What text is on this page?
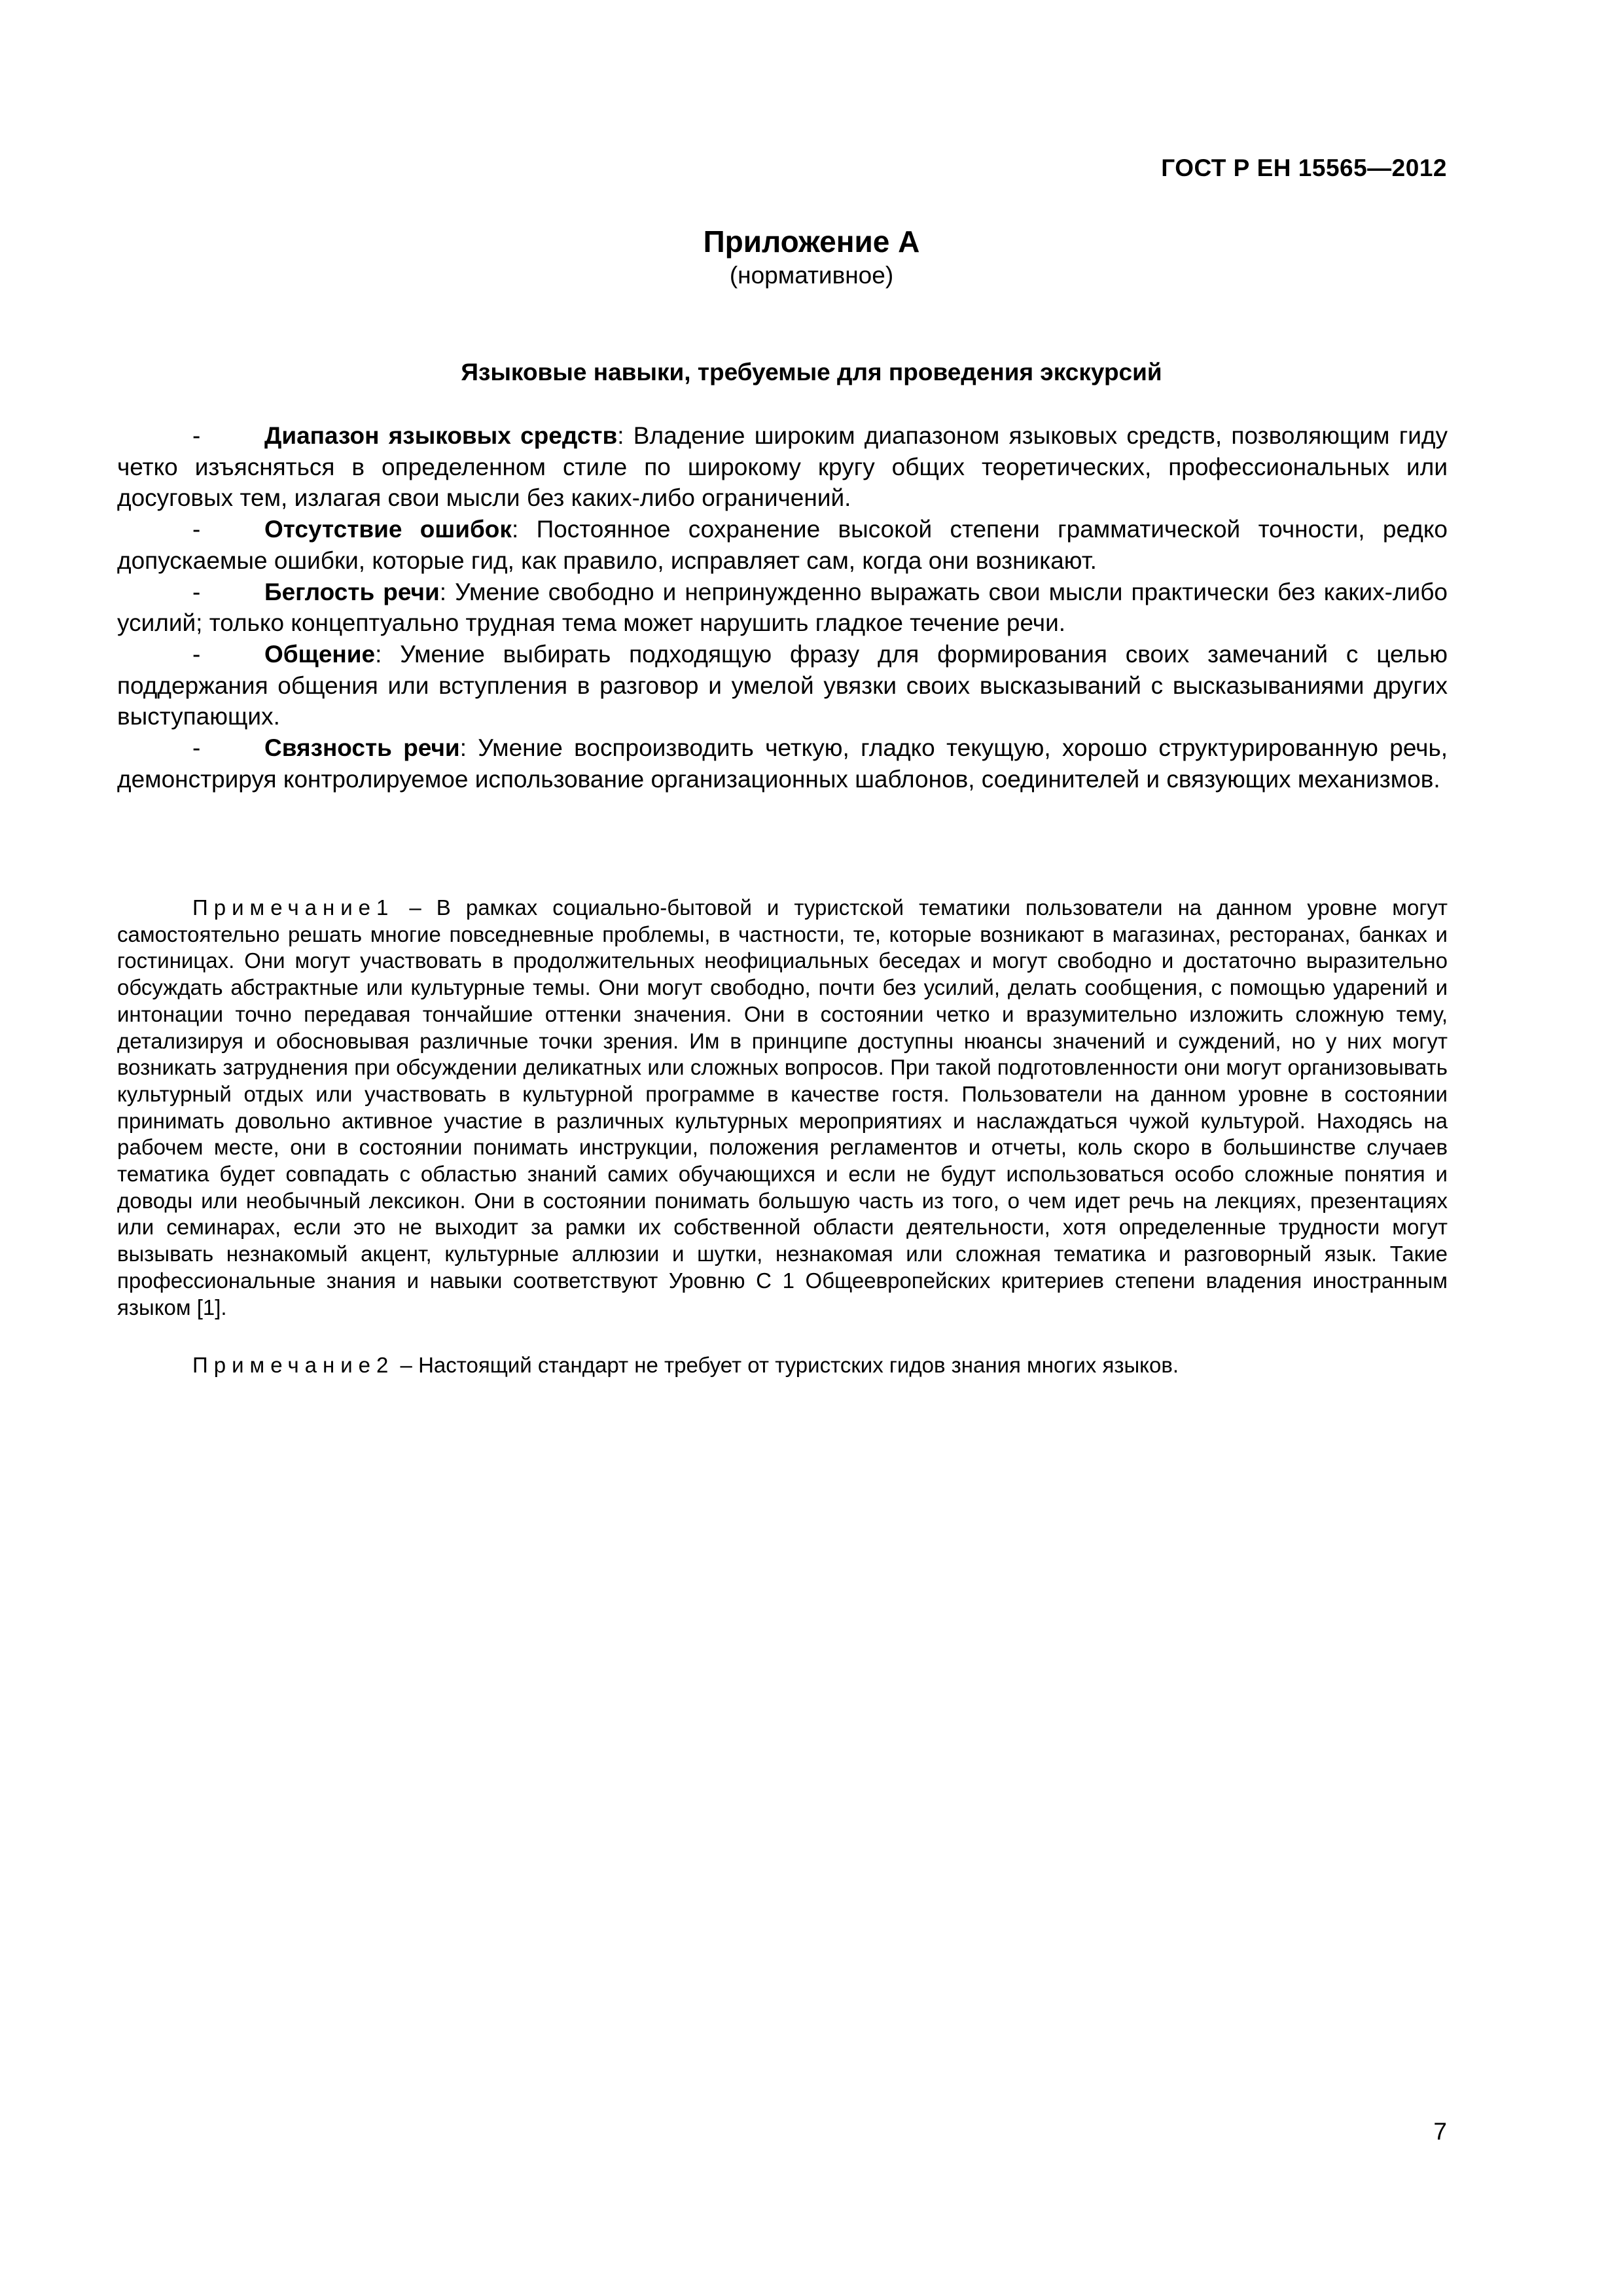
ГОСТ Р ЕН 15565—2012
Приложение А
(нормативное)
Языковые навыки, требуемые для проведения экскурсий

-	Диапазон языковых средств: Владение широким диапазоном языковых средств, позволяющим гиду четко изъясняться в определенном стиле по широкому кругу общих теоретических, профессиональных или досуговых тем, излагая свои мысли без каких-либо ограничений.

-	Отсутствие ошибок: Постоянное сохранение высокой степени грамматической точности, редко допускаемые ошибки, которые гид, как правило, исправляет сам, когда они возникают.

-	Беглость речи: Умение свободно и непринужденно выражать свои мысли практически без каких-либо усилий; только концептуально трудная тема может нарушить гладкое течение речи.

-	Общение: Умение выбирать подходящую фразу для формирования своих замечаний с целью поддержания общения или вступления в разговор и умелой увязки своих высказываний с высказываниями других выступающих.

-	Связность речи: Умение воспроизводить четкую, гладко текущую, хорошо структурированную речь, демонстрируя контролируемое использование организационных шаблонов, соединителей и связующих механизмов.

Примечание1 – В рамках социально-бытовой и туристской тематики пользователи на данном уровне могут самостоятельно решать многие повседневные проблемы, в частности, те, которые возникают в магазинах, ресторанах, банках и гостиницах. Они могут участвовать в продолжительных неофициальных беседах и могут свободно и достаточно выразительно обсуждать абстрактные или культурные темы. Они могут свободно, почти без усилий, делать сообщения, с помощью ударений и интонации точно передавая тончайшие оттенки значения. Они в состоянии четко и вразумительно изложить сложную тему, детализируя и обосновывая различные точки зрения. Им в принципе доступны нюансы значений и суждений, но у них могут возникать затруднения при обсуждении деликатных или сложных вопросов. При такой подготовленности они могут организовывать культурный отдых или участвовать в культурной программе в качестве гостя. Пользователи на данном уровне в состоянии принимать довольно активное участие в различных культурных мероприятиях и наслаждаться чужой культурой. Находясь на рабочем месте, они в состоянии понимать инструкции, положения регламентов и отчеты, коль скоро в большинстве случаев тематика будет совпадать с областью знаний самих обучающихся и если не будут использоваться особо сложные понятия и доводы или необычный лексикон. Они в состоянии понимать большую часть из того, о чем идет речь на лекциях, презентациях или семинарах, если это не выходит за рамки их собственной области деятельности, хотя определенные трудности могут вызывать незнакомый акцент, культурные аллюзии и шутки, незнакомая или сложная тематика и разговорный язык. Такие профессиональные знания и навыки соответствуют Уровню С 1 Общеевропейских критериев степени владения иностранным языком [1].

Примечание2 – Настоящий стандарт не требует от туристских гидов знания многих языков.

7
